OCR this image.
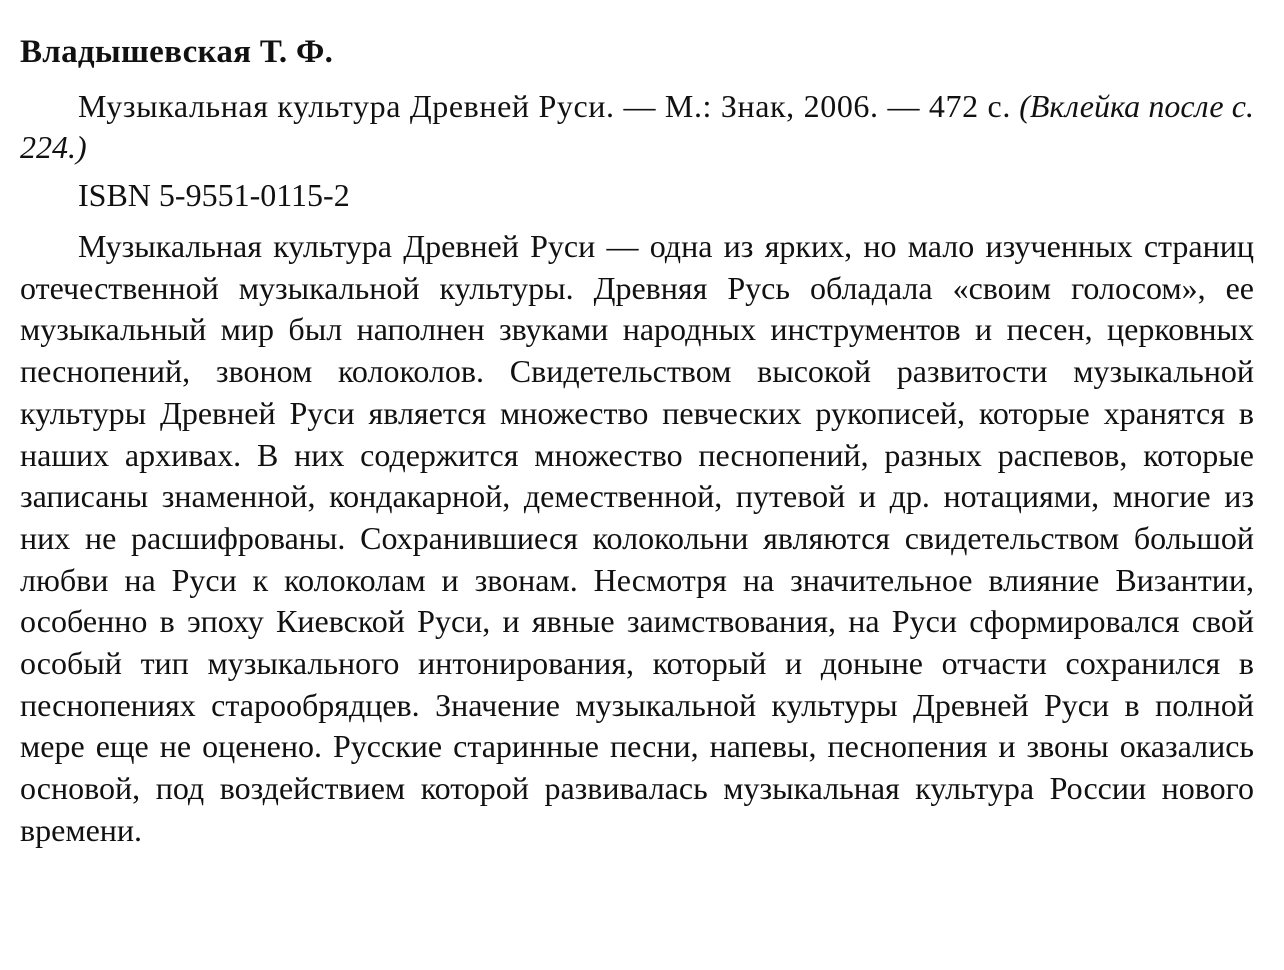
Владышевская Т. Ф.

Музыкальная культура Древней Руси. — М.: Знак, 2006. — 472 с. (Вклейка после с. 224.)

ISBN 5-9551-0115-2

Музыкальная культура Древней Руси — одна из ярких, но мало изученных страниц отечественной музыкальной культуры. Древняя Русь обладала «своим голосом», ее музыкальный мир был наполнен звуками народных инструментов и песен, церковных песнопений, звоном колоколов. Свидетельством высокой развитости музыкальной культуры Древней Руси является множество певческих рукописей, которые хранятся в наших архивах. В них содержится множество песнопений, разных распевов, которые записаны знаменной, кондакарной, демественной, путевой и др. нотациями, многие из них не расшифрованы. Сохранившиеся колокольни являются свидетельством большой любви на Руси к колоколам и звонам. Несмотря на значительное влияние Византии, особенно в эпоху Киевской Руси, и явные заимствования, на Руси сформировался свой особый тип музыкального интонирования, который и доныне отчасти сохранился в песнопениях старообрядцев. Значение музыкальной культуры Древней Руси в полной мере еще не оценено. Русские старинные песни, напевы, песнопения и звоны оказались основой, под воздействием которой развивалась музыкальная культура России нового времени.
